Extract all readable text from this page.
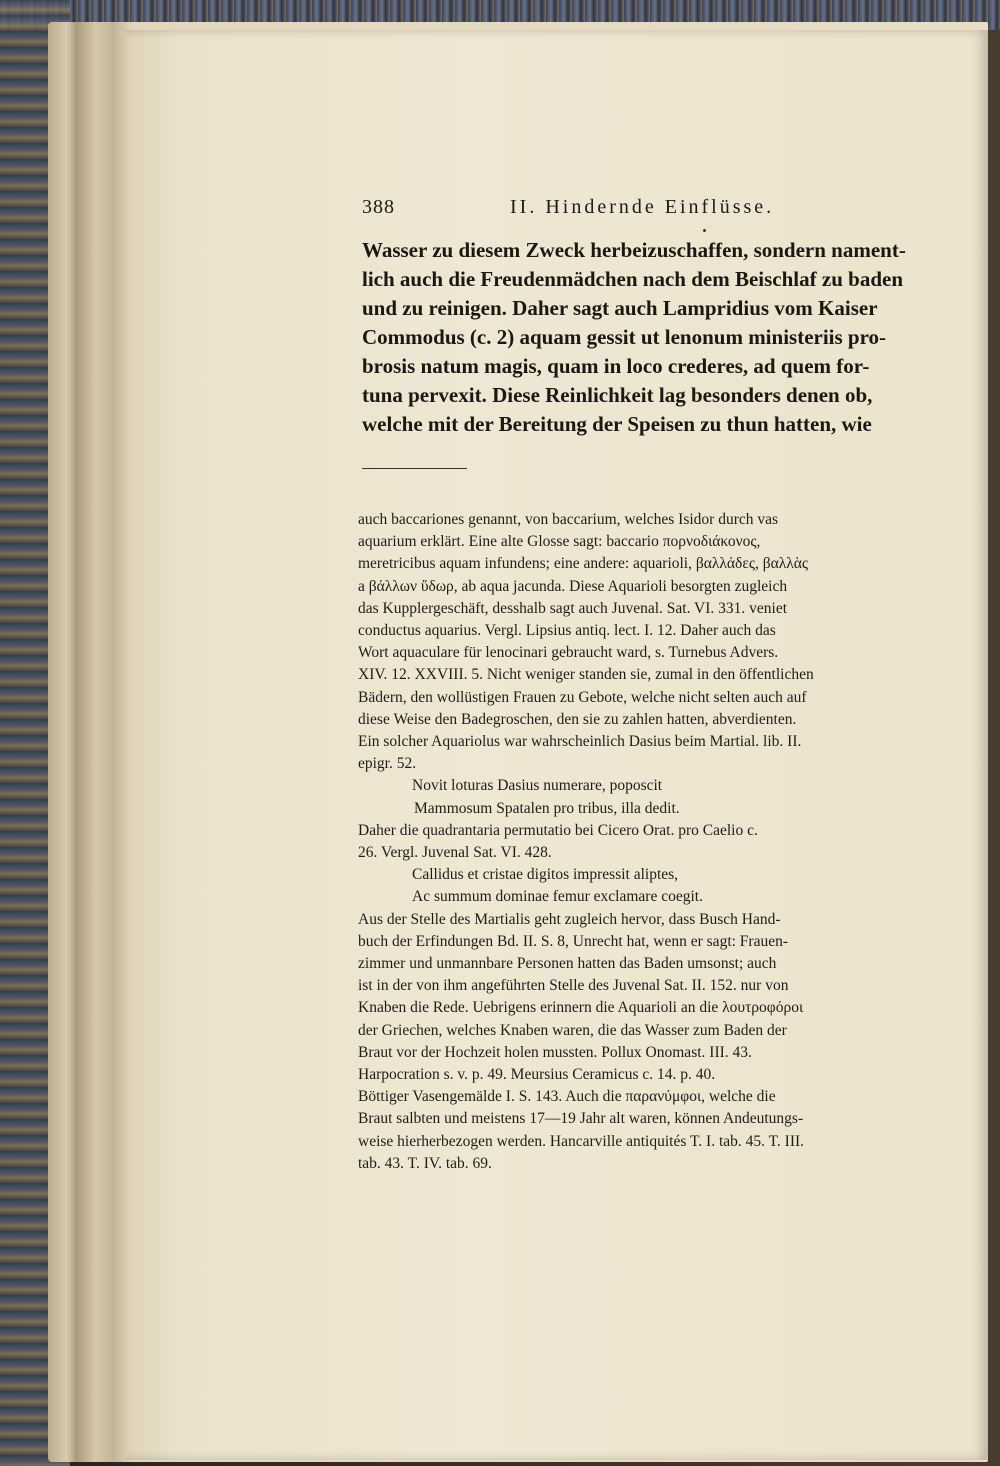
388	II. Hindernde Einflüsse.

Wasser zu diesem Zweck herbeizuschaffen, sondern nament-

lich auch die Freudenmädchen nach dem Beischlaf zu baden

und zu reinigen. Daher sagt auch Lampridius vom Kaiser

Commodus (c. 2) aquam gessit ut lenonum ministeriis pro-

brosis natum magis, quam in loco crederes, ad quem for-

tuna pervexit. Diese Reinlichkeit lag besonders denen ob,

welche mit der Bereitung der Speisen zu thun hatten, wie

auch baccariones genannt, von baccarium, welches Isidor durch vas

aquarium erklärt. Eine alte Glosse sagt: baccario πορνοδιάκονος,

meretricibus aquam infundens; eine andere: aquarioli, βαλλάδες, βαλλὰς

a βάλλων ὕδωρ, ab aqua jacunda. Diese Aquarioli besorgten zugleich

das Kupplergeschäft, desshalb sagt auch Juvenal. Sat. VI. 331. veniet

conductus aquarius. Vergl. Lipsius antiq. lect. I. 12. Daher auch das

Wort aquaculare für lenocinari gebraucht ward, s. Turnebus Advers.

XIV. 12. XXVIII. 5. Nicht weniger standen sie, zumal in den öffentlichen

Bädern, den wollüstigen Frauen zu Gebote, welche nicht selten auch auf

diese Weise den Badegroschen, den sie zu zahlen hatten, abverdienten.

Ein solcher Aquariolus war wahrscheinlich Dasius beim Martial. lib. II.

epigr. 52.

Novit loturas Dasius numerare, poposcit

Mammosum Spatalen pro tribus, illa dedit.

Daher die quadrantaria permutatio bei Cicero Orat. pro Caelio c.

26. Vergl. Juvenal Sat. VI. 428.

Callidus et cristae digitos impressit aliptes,

Ac summum dominae femur exclamare coegit.

Aus der Stelle des Martialis geht zugleich hervor, dass Busch Hand-

buch der Erfindungen Bd. II. S. 8, Unrecht hat, wenn er sagt: Frauen-

zimmer und unmannbare Personen hatten das Baden umsonst; auch

ist in der von ihm angeführten Stelle des Juvenal Sat. II. 152. nur von

Knaben die Rede. Uebrigens erinnern die Aquarioli an die λουτροφόροι

der Griechen, welches Knaben waren, die das Wasser zum Baden der

Braut vor der Hochzeit holen mussten. Pollux Onomast. III. 43.

Harpocration s. v. p. 49. Meursius Ceramicus c. 14. p. 40.

Böttiger Vasengemälde I. S. 143. Auch die παρανύμφοι, welche die

Braut salbten und meistens 17—19 Jahr alt waren, können Andeutungs-

weise hierherbezogen werden. Hancarville antiquités T. I. tab. 45. T. III.

tab. 43. T. IV. tab. 69.
